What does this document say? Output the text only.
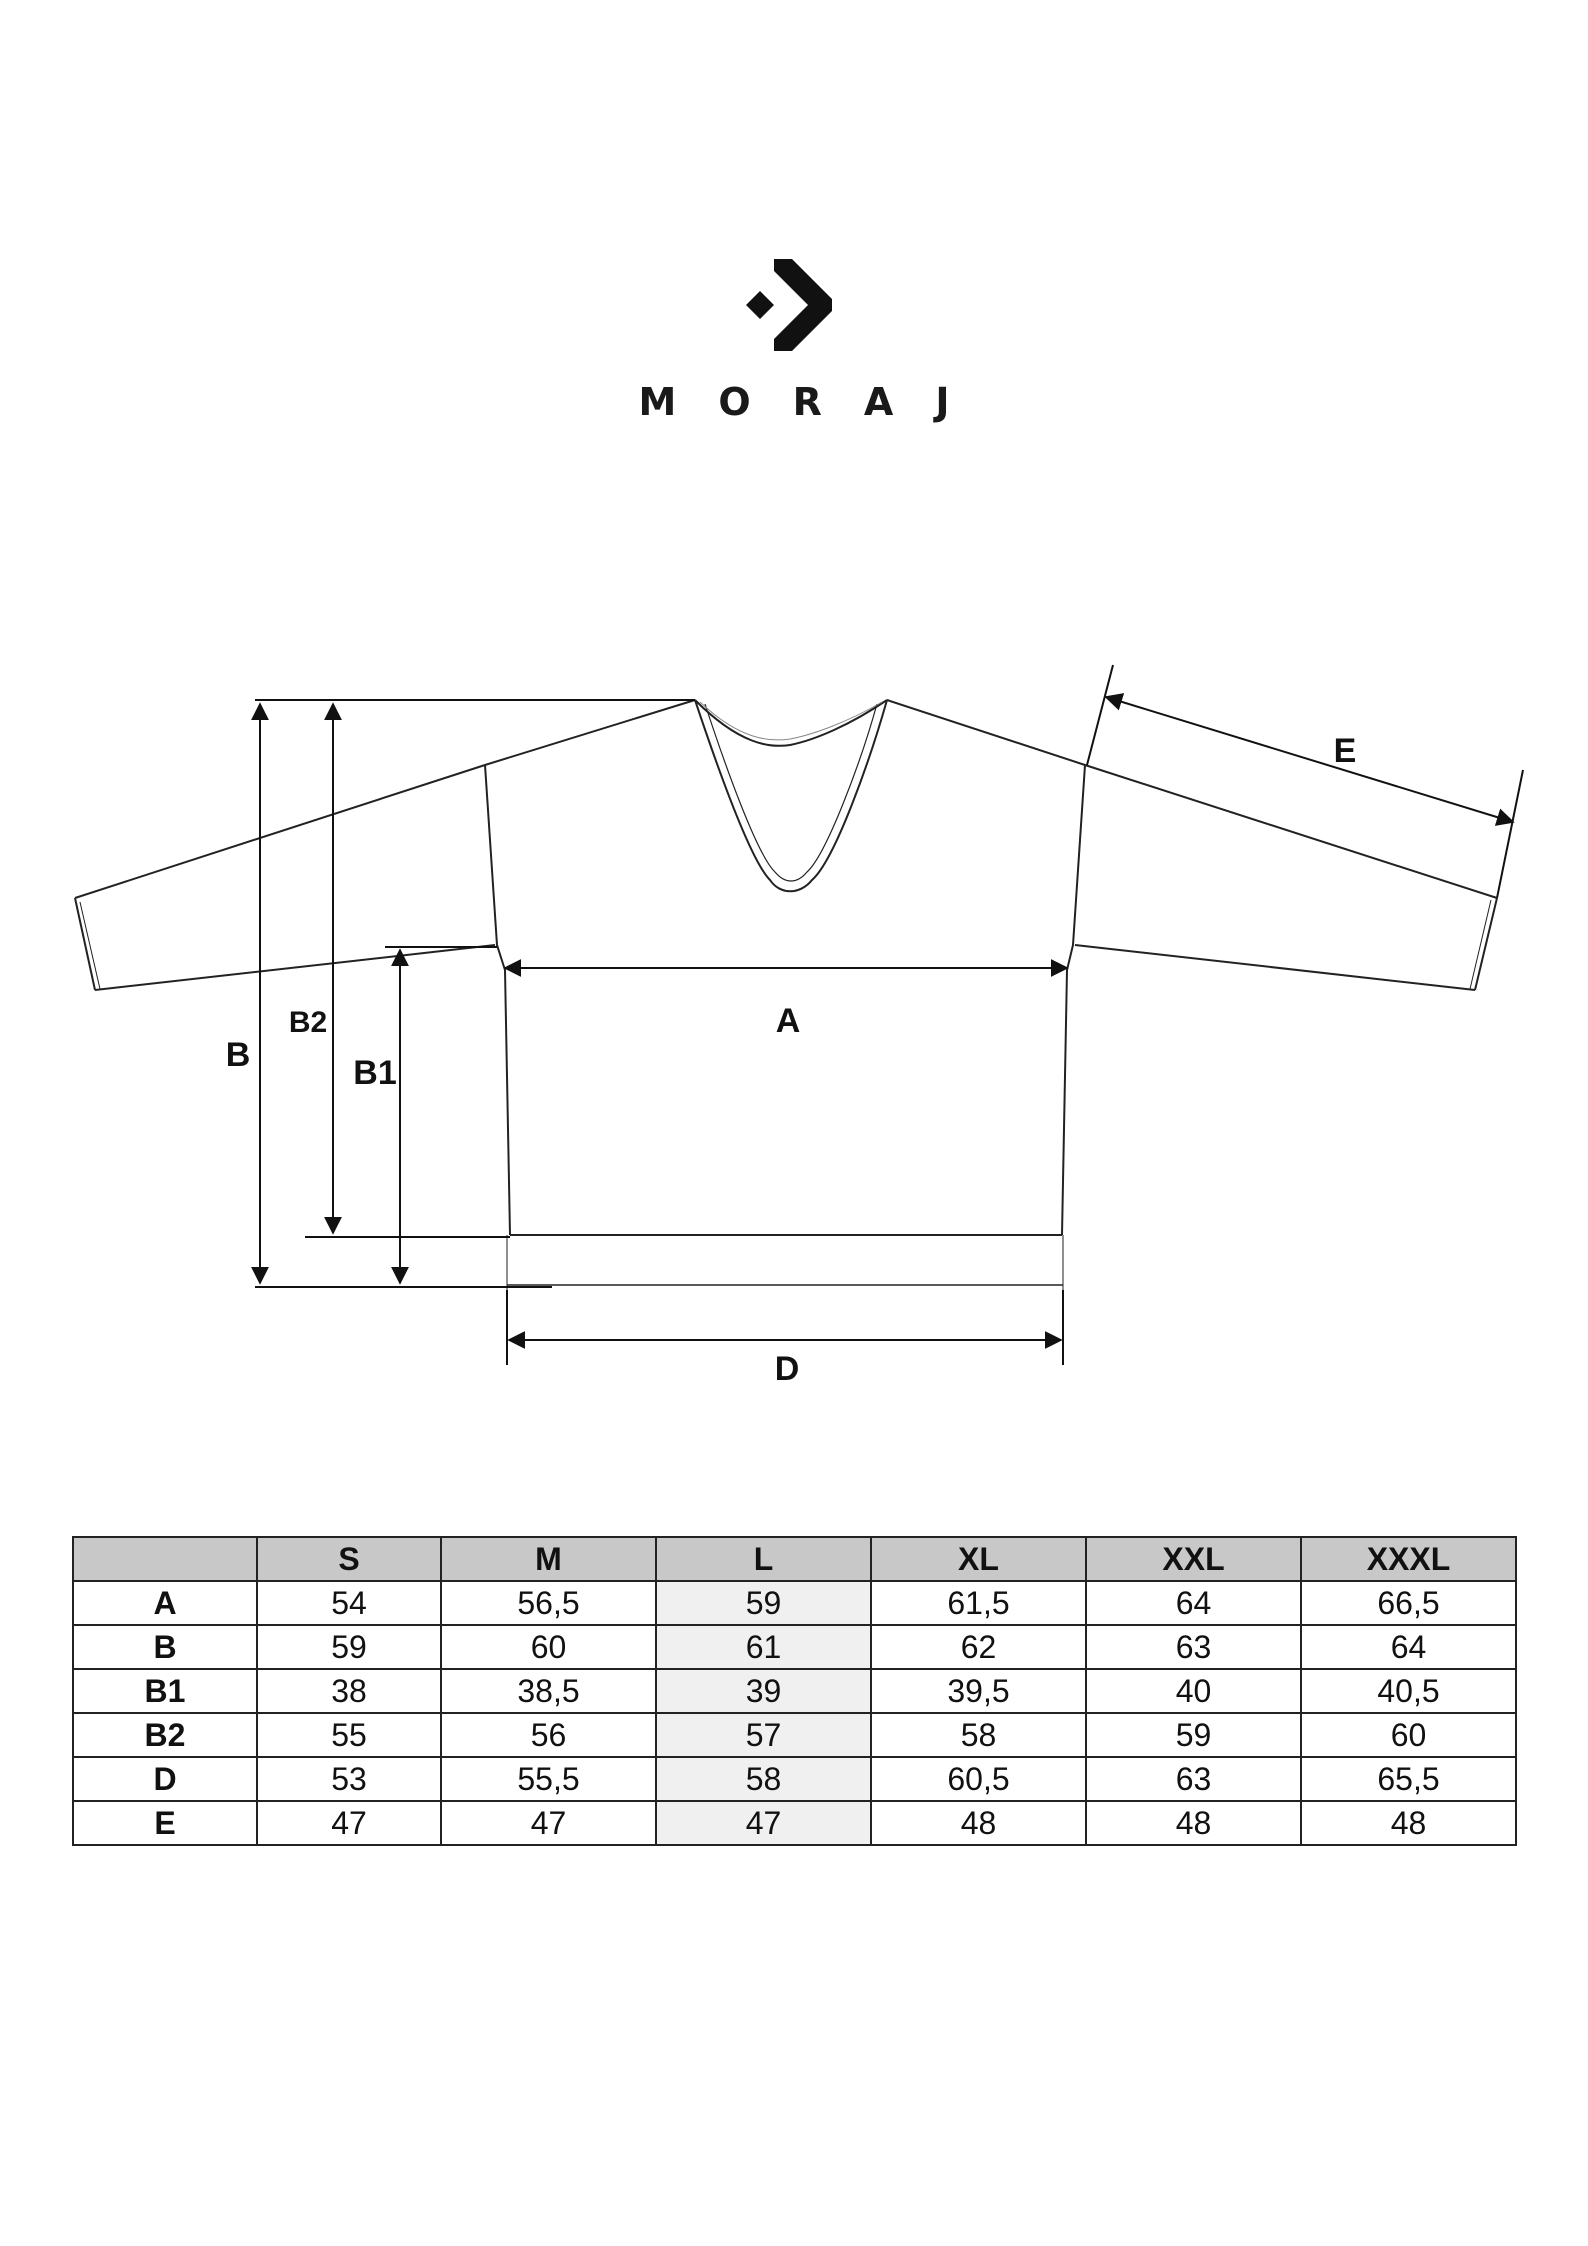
MORAJ
A
B
B2
B1
D
E
	S	M	L	XL	XXL	XXXL
A	54	56,5	59	61,5	64	66,5
B	59	60	61	62	63	64
B1	38	38,5	39	39,5	40	40,5
B2	55	56	57	58	59	60
D	53	55,5	58	60,5	63	65,5
E	47	47	47	48	48	48
